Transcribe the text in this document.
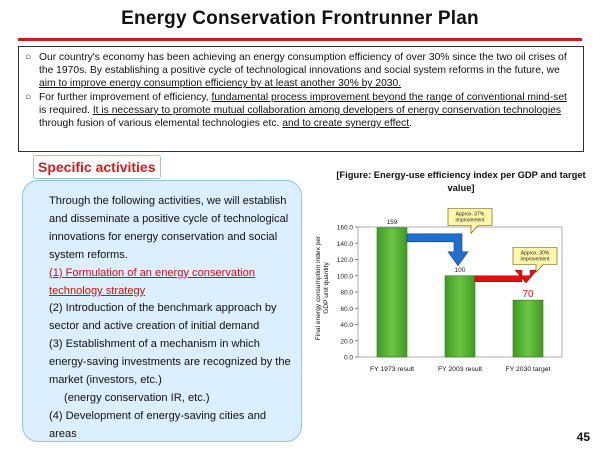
Energy Conservation Frontrunner Plan
○ Our country's economy has been achieving an energy consumption efficiency of over 30% since the two oil crises of the 1970s. By establishing a positive cycle of technological innovations and social system reforms in the future, we aim to improve energy consumption efficiency by at least another 30% by 2030.
○ For further improvement of efficiency, fundamental process improvement beyond the range of conventional mind-set is required. It is necessary to promote mutual collaboration among developers of energy conservation technologies through fusion of various elemental technologies etc. and to create synergy effect.
Specific activities
Through the following activities, we will establish and disseminate a positive cycle of technological innovations for energy conservation and social system reforms.
(1) Formulation of an energy conservation technology strategy
(2) Introduction of the benchmark approach by sector and active creation of initial demand
(3) Establishment of a mechanism in which energy-saving investments are recognized by the market (investors, etc.)
(energy conservation IR, etc.)
(4) Development of energy-saving cities and areas
[Figure: Energy-use efficiency index per GDP and target value]
0.0
20.0
40.0
60.0
80.0
100.0
120.0
140.0
160.0
Final energy consumption index perGDP unit quantity
159
FY 1973 result
100
FY 2003 result
70
FY 2030 target
Approx. 37% improvement
Approx. 30% improvement
45
